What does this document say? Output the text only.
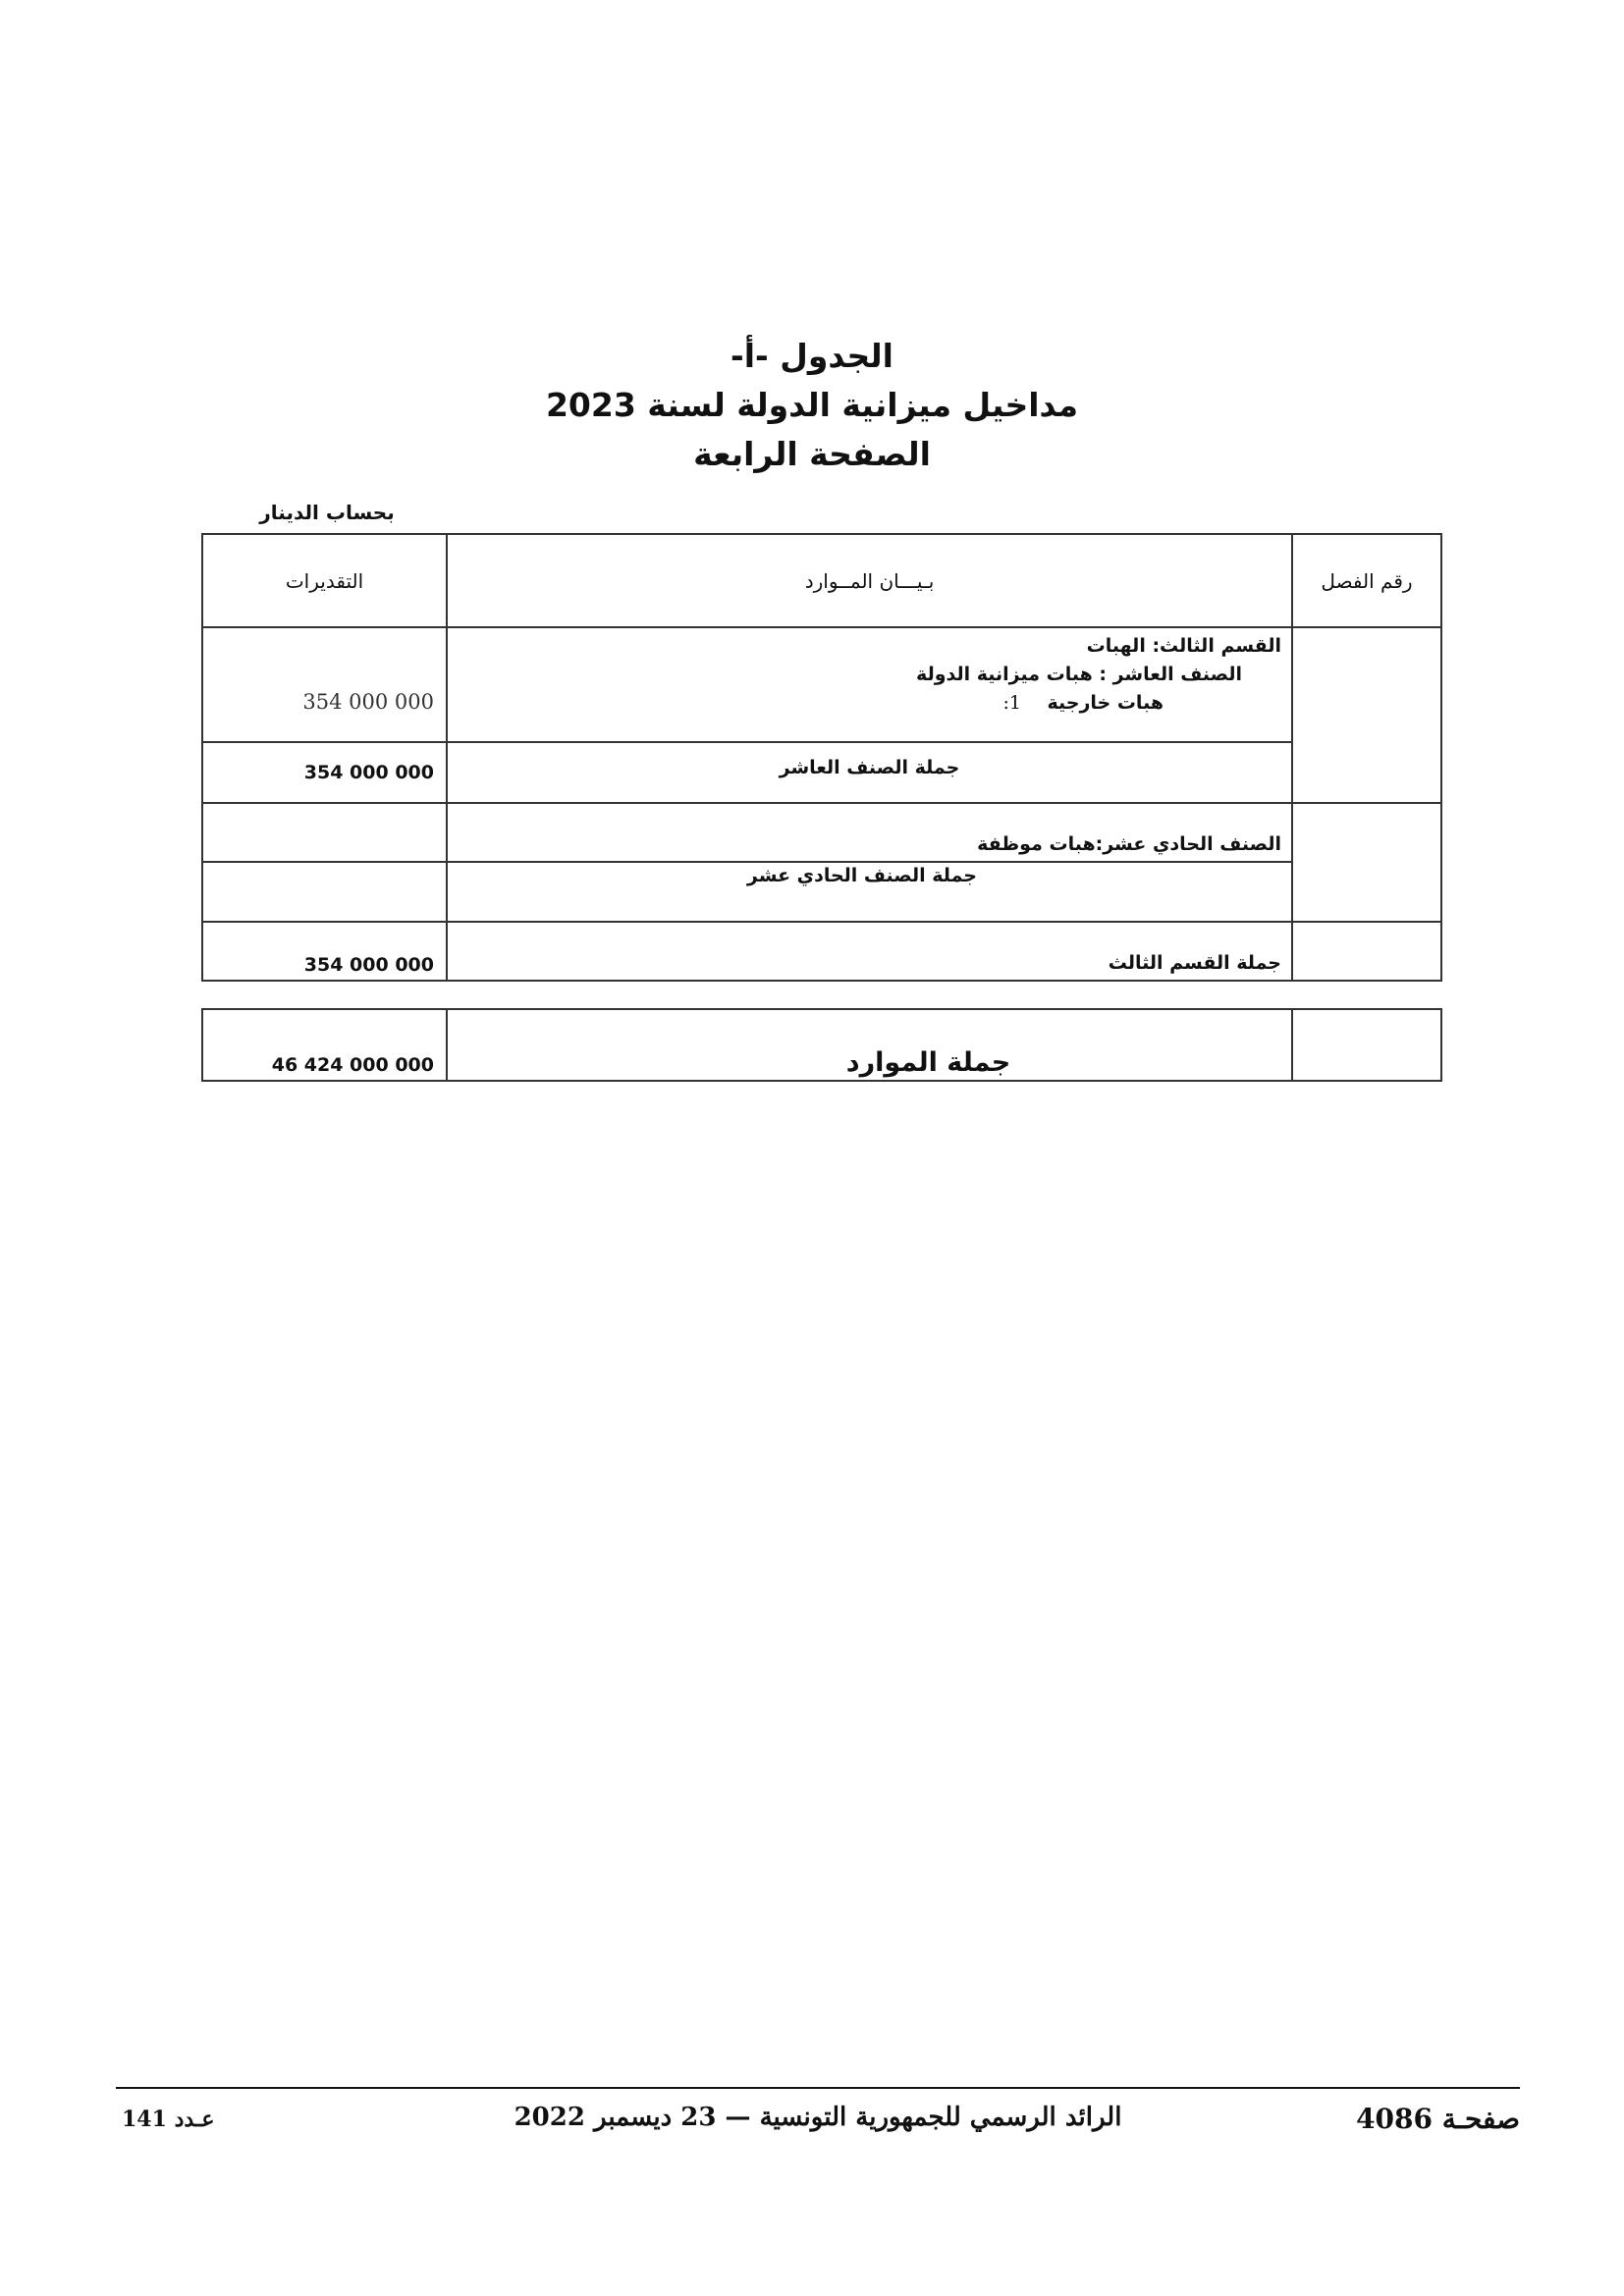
الجدول -أ-
مداخيل ميزانية الدولة لسنة 2023
الصفحة الرابعة
بحساب الدينار
التقديرات	بـيـــان المــوارد	رقم الفصل
354 000 000	القسم الثالث: الهبات
الصنف العاشر : هبات ميزانية الدولة
هبات خارجية    1:	

354 000 000	جملة الصنف العاشر	
	الصنف الحادي عشر:هبات موظفة	
	جملة الصنف الحادي عشر	
354 000 000	جملة القسم الثالث	
46 424 000 000	جملة الموارد	
عـدد 141	الرائد الرسمي للجمهورية التونسية — 23 ديسمبر 2022	صفحـة 4086
